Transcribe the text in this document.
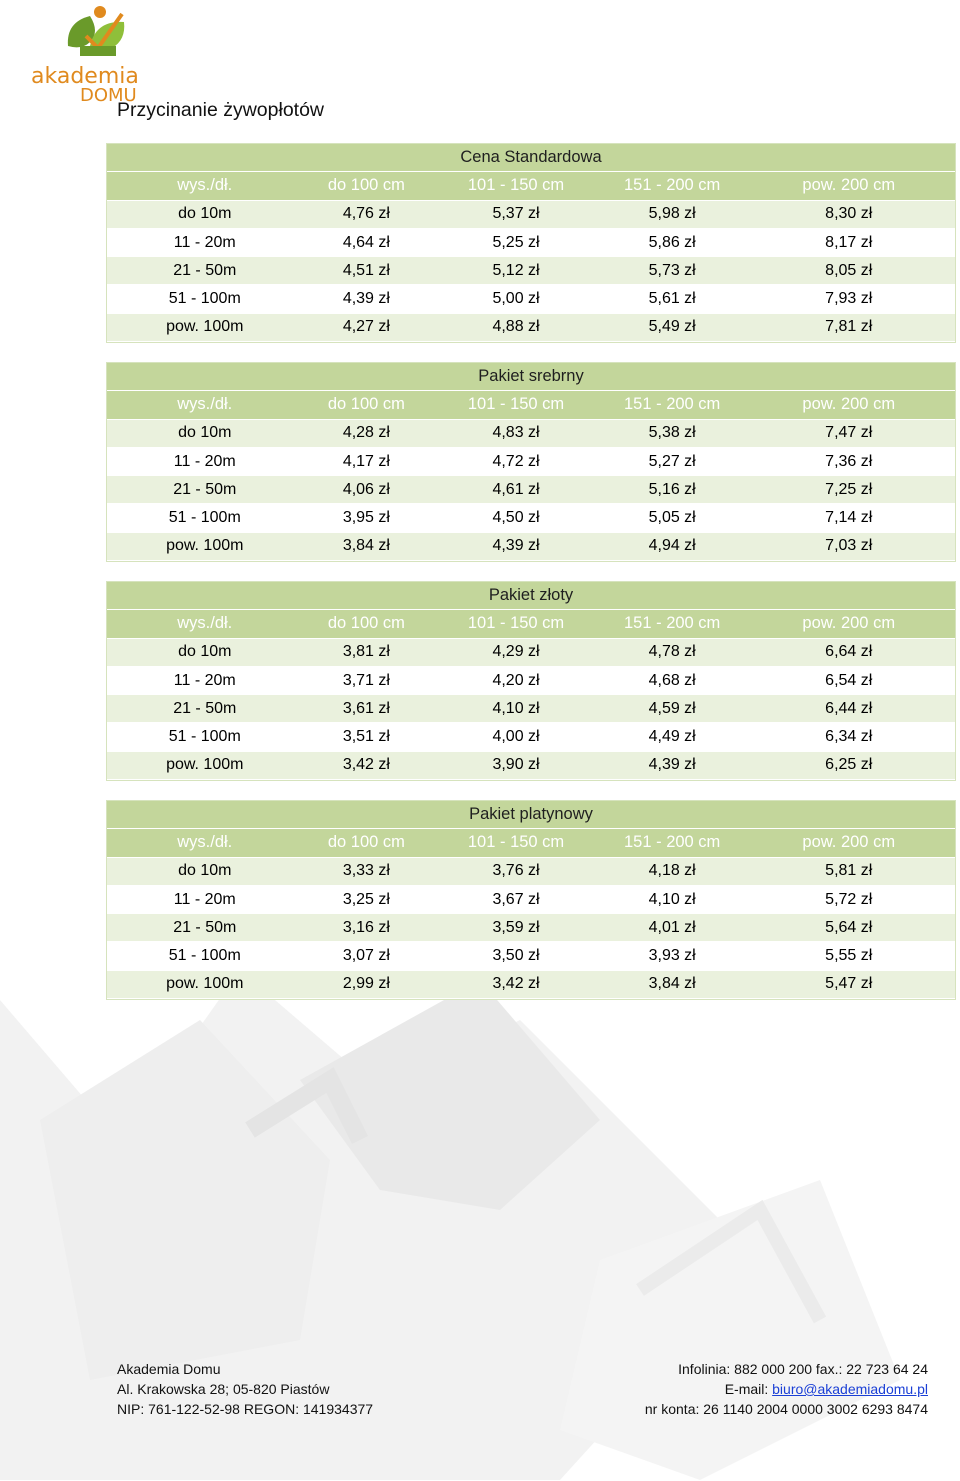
akademia
DOMU
Przycinanie żywopłotów
Cena Standardowa
wys./dł.	do 100 cm	101 - 150 cm	151 - 200 cm	pow. 200 cm
do 10m	4,76 zł	5,37 zł	5,98 zł	8,30 zł
11 - 20m	4,64 zł	5,25 zł	5,86 zł	8,17 zł
21 - 50m	4,51 zł	5,12 zł	5,73 zł	8,05 zł
51 - 100m	4,39 zł	5,00 zł	5,61 zł	7,93 zł
pow. 100m	4,27 zł	4,88 zł	5,49 zł	7,81 zł
Pakiet srebrny
wys./dł.	do 100 cm	101 - 150 cm	151 - 200 cm	pow. 200 cm
do 10m	4,28 zł	4,83 zł	5,38 zł	7,47 zł
11 - 20m	4,17 zł	4,72 zł	5,27 zł	7,36 zł
21 - 50m	4,06 zł	4,61 zł	5,16 zł	7,25 zł
51 - 100m	3,95 zł	4,50 zł	5,05 zł	7,14 zł
pow. 100m	3,84 zł	4,39 zł	4,94 zł	7,03 zł
Pakiet złoty
wys./dł.	do 100 cm	101 - 150 cm	151 - 200 cm	pow. 200 cm
do 10m	3,81 zł	4,29 zł	4,78 zł	6,64 zł
11 - 20m	3,71 zł	4,20 zł	4,68 zł	6,54 zł
21 - 50m	3,61 zł	4,10 zł	4,59 zł	6,44 zł
51 - 100m	3,51 zł	4,00 zł	4,49 zł	6,34 zł
pow. 100m	3,42 zł	3,90 zł	4,39 zł	6,25 zł
Pakiet platynowy
wys./dł.	do 100 cm	101 - 150 cm	151 - 200 cm	pow. 200 cm
do 10m	3,33 zł	3,76 zł	4,18 zł	5,81 zł
11 - 20m	3,25 zł	3,67 zł	4,10 zł	5,72 zł
21 - 50m	3,16 zł	3,59 zł	4,01 zł	5,64 zł
51 - 100m	3,07 zł	3,50 zł	3,93 zł	5,55 zł
pow. 100m	2,99 zł	3,42 zł	3,84 zł	5,47 zł
Akademia Domu
Al. Krakowska 28; 05-820 Piastów
NIP: 761-122-52-98 REGON: 141934377
Infolinia: 882 000 200 fax.: 22 723 64 24
E-mail: biuro@akademiadomu.pl
nr konta: 26 1140 2004 0000 3002 6293 8474
